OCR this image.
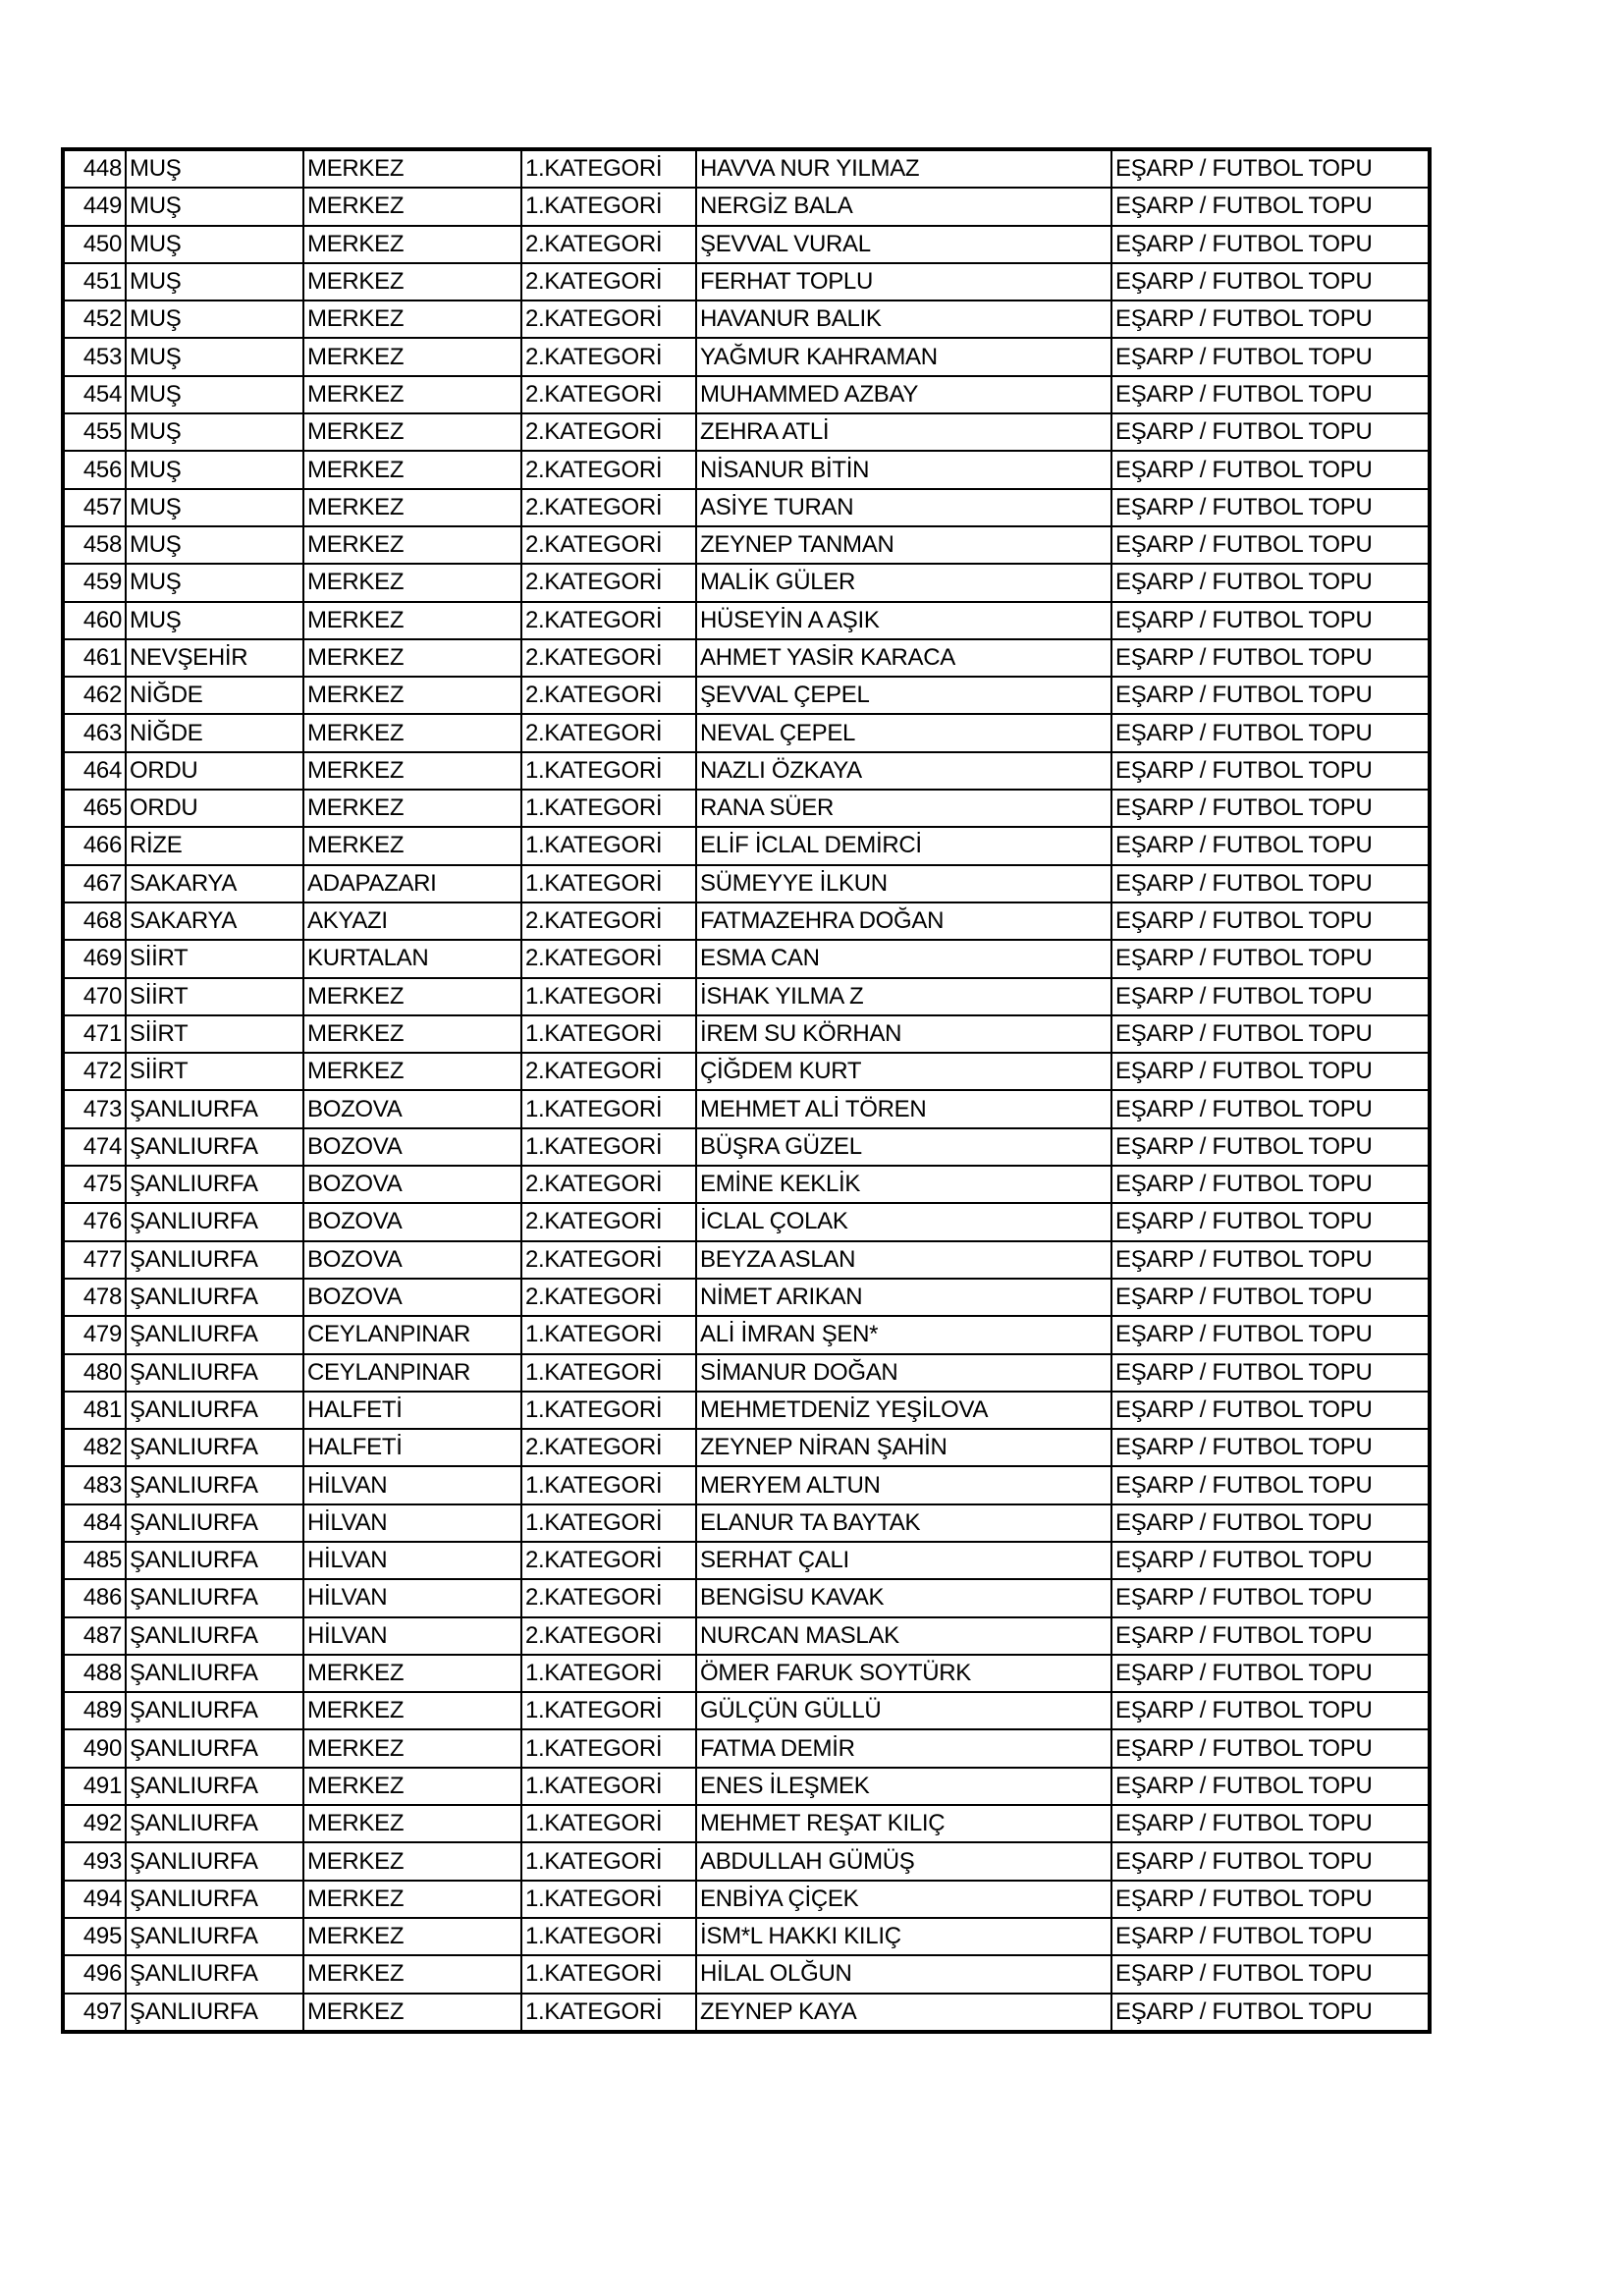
448	MUŞ	MERKEZ	1.KATEGORİ	HAVVA NUR YILMAZ	EŞARP / FUTBOL TOPU
449	MUŞ	MERKEZ	1.KATEGORİ	NERGİZ BALA	EŞARP / FUTBOL TOPU
450	MUŞ	MERKEZ	2.KATEGORİ	ŞEVVAL VURAL	EŞARP / FUTBOL TOPU
451	MUŞ	MERKEZ	2.KATEGORİ	FERHAT TOPLU	EŞARP / FUTBOL TOPU
452	MUŞ	MERKEZ	2.KATEGORİ	HAVANUR BALIK	EŞARP / FUTBOL TOPU
453	MUŞ	MERKEZ	2.KATEGORİ	YAĞMUR KAHRAMAN	EŞARP / FUTBOL TOPU
454	MUŞ	MERKEZ	2.KATEGORİ	MUHAMMED AZBAY	EŞARP / FUTBOL TOPU
455	MUŞ	MERKEZ	2.KATEGORİ	ZEHRA ATLİ	EŞARP / FUTBOL TOPU
456	MUŞ	MERKEZ	2.KATEGORİ	NİSANUR BİTİN	EŞARP / FUTBOL TOPU
457	MUŞ	MERKEZ	2.KATEGORİ	ASİYE TURAN	EŞARP / FUTBOL TOPU
458	MUŞ	MERKEZ	2.KATEGORİ	ZEYNEP TANMAN	EŞARP / FUTBOL TOPU
459	MUŞ	MERKEZ	2.KATEGORİ	MALİK GÜLER	EŞARP / FUTBOL TOPU
460	MUŞ	MERKEZ	2.KATEGORİ	HÜSEYİN A AŞIK	EŞARP / FUTBOL TOPU
461	NEVŞEHİR	MERKEZ	2.KATEGORİ	AHMET YASİR KARACA	EŞARP / FUTBOL TOPU
462	NİĞDE	MERKEZ	2.KATEGORİ	ŞEVVAL ÇEPEL	EŞARP / FUTBOL TOPU
463	NİĞDE	MERKEZ	2.KATEGORİ	NEVAL ÇEPEL	EŞARP / FUTBOL TOPU
464	ORDU	MERKEZ	1.KATEGORİ	NAZLI ÖZKAYA	EŞARP / FUTBOL TOPU
465	ORDU	MERKEZ	1.KATEGORİ	RANA SÜER	EŞARP / FUTBOL TOPU
466	RİZE	MERKEZ	1.KATEGORİ	ELİF İCLAL DEMİRCİ	EŞARP / FUTBOL TOPU
467	SAKARYA	ADAPAZARI	1.KATEGORİ	SÜMEYYE İLKUN	EŞARP / FUTBOL TOPU
468	SAKARYA	AKYAZI	2.KATEGORİ	FATMAZEHRA DOĞAN	EŞARP / FUTBOL TOPU
469	SİİRT	KURTALAN	2.KATEGORİ	ESMA CAN	EŞARP / FUTBOL TOPU
470	SİİRT	MERKEZ	1.KATEGORİ	İSHAK YILMA Z	EŞARP / FUTBOL TOPU
471	SİİRT	MERKEZ	1.KATEGORİ	İREM SU KÖRHAN	EŞARP / FUTBOL TOPU
472	SİİRT	MERKEZ	2.KATEGORİ	ÇİĞDEM KURT	EŞARP / FUTBOL TOPU
473	ŞANLIURFA	BOZOVA	1.KATEGORİ	MEHMET ALİ TÖREN	EŞARP / FUTBOL TOPU
474	ŞANLIURFA	BOZOVA	1.KATEGORİ	BÜŞRA GÜZEL	EŞARP / FUTBOL TOPU
475	ŞANLIURFA	BOZOVA	2.KATEGORİ	EMİNE KEKLİK	EŞARP / FUTBOL TOPU
476	ŞANLIURFA	BOZOVA	2.KATEGORİ	İCLAL ÇOLAK	EŞARP / FUTBOL TOPU
477	ŞANLIURFA	BOZOVA	2.KATEGORİ	BEYZA ASLAN	EŞARP / FUTBOL TOPU
478	ŞANLIURFA	BOZOVA	2.KATEGORİ	NİMET ARIKAN	EŞARP / FUTBOL TOPU
479	ŞANLIURFA	CEYLANPINAR	1.KATEGORİ	ALİ İMRAN ŞEN*	EŞARP / FUTBOL TOPU
480	ŞANLIURFA	CEYLANPINAR	1.KATEGORİ	SİMANUR DOĞAN	EŞARP / FUTBOL TOPU
481	ŞANLIURFA	HALFETİ	1.KATEGORİ	MEHMETDENİZ YEŞİLOVA	EŞARP / FUTBOL TOPU
482	ŞANLIURFA	HALFETİ	2.KATEGORİ	ZEYNEP NİRAN ŞAHİN	EŞARP / FUTBOL TOPU
483	ŞANLIURFA	HİLVAN	1.KATEGORİ	MERYEM ALTUN	EŞARP / FUTBOL TOPU
484	ŞANLIURFA	HİLVAN	1.KATEGORİ	ELANUR TA BAYTAK	EŞARP / FUTBOL TOPU
485	ŞANLIURFA	HİLVAN	2.KATEGORİ	SERHAT ÇALI	EŞARP / FUTBOL TOPU
486	ŞANLIURFA	HİLVAN	2.KATEGORİ	BENGİSU KAVAK	EŞARP / FUTBOL TOPU
487	ŞANLIURFA	HİLVAN	2.KATEGORİ	NURCAN MASLAK	EŞARP / FUTBOL TOPU
488	ŞANLIURFA	MERKEZ	1.KATEGORİ	ÖMER FARUK SOYTÜRK	EŞARP / FUTBOL TOPU
489	ŞANLIURFA	MERKEZ	1.KATEGORİ	GÜLÇÜN GÜLLÜ	EŞARP / FUTBOL TOPU
490	ŞANLIURFA	MERKEZ	1.KATEGORİ	FATMA DEMİR	EŞARP / FUTBOL TOPU
491	ŞANLIURFA	MERKEZ	1.KATEGORİ	ENES İLEŞMEK	EŞARP / FUTBOL TOPU
492	ŞANLIURFA	MERKEZ	1.KATEGORİ	MEHMET REŞAT KILIÇ	EŞARP / FUTBOL TOPU
493	ŞANLIURFA	MERKEZ	1.KATEGORİ	ABDULLAH GÜMÜŞ	EŞARP / FUTBOL TOPU
494	ŞANLIURFA	MERKEZ	1.KATEGORİ	ENBİYA ÇİÇEK	EŞARP / FUTBOL TOPU
495	ŞANLIURFA	MERKEZ	1.KATEGORİ	İSM*L HAKKI KILIÇ	EŞARP / FUTBOL TOPU
496	ŞANLIURFA	MERKEZ	1.KATEGORİ	HİLAL OLĞUN	EŞARP / FUTBOL TOPU
497	ŞANLIURFA	MERKEZ	1.KATEGORİ	ZEYNEP KAYA	EŞARP / FUTBOL TOPU
